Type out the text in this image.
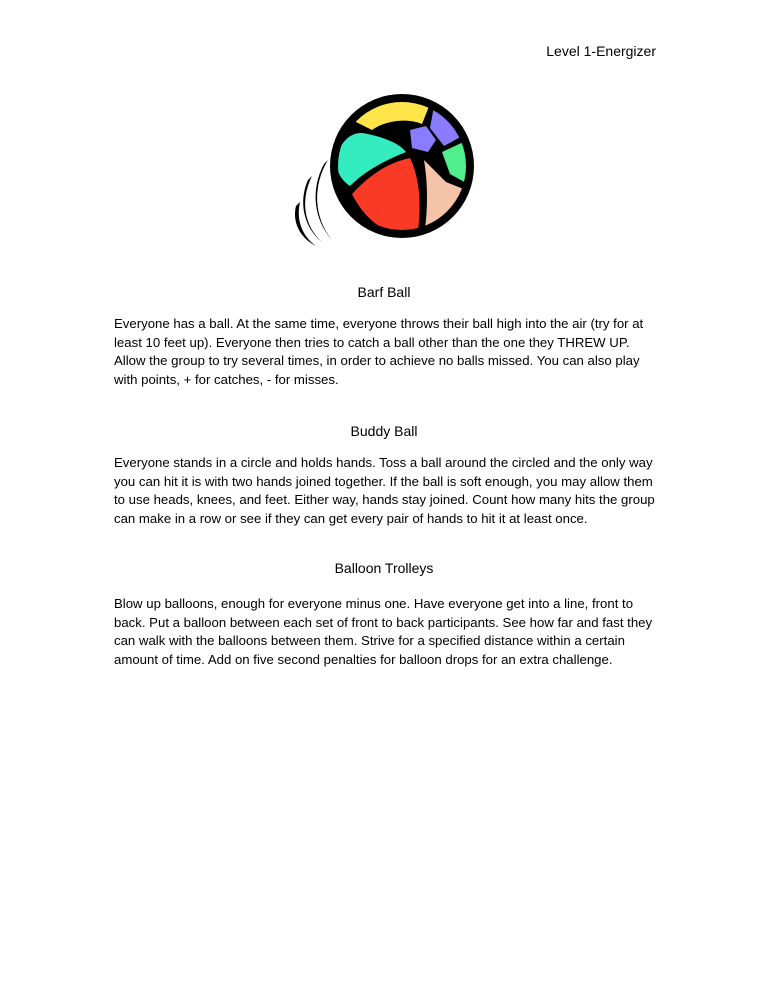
Level 1-Energizer
Barf Ball

Everyone has a ball. At the same time, everyone throws their ball high into the air (try for at least 10 feet up). Everyone then tries to catch a ball other than the one they THREW UP. Allow the group to try several times, in order to achieve no balls missed. You can also play with points, + for catches, - for misses.

Buddy Ball

Everyone stands in a circle and holds hands. Toss a ball around the circled and the only way you can hit it is with two hands joined together. If the ball is soft enough, you may allow them to use heads, knees, and feet. Either way, hands stay joined. Count how many hits the group can make in a row or see if they can get every pair of hands to hit it at least once.

Balloon Trolleys

Blow up balloons, enough for everyone minus one. Have everyone get into a line, front to back. Put a balloon between each set of front to back participants. See how far and fast they can walk with the balloons between them. Strive for a specified distance within a certain amount of time. Add on five second penalties for balloon drops for an extra challenge.
